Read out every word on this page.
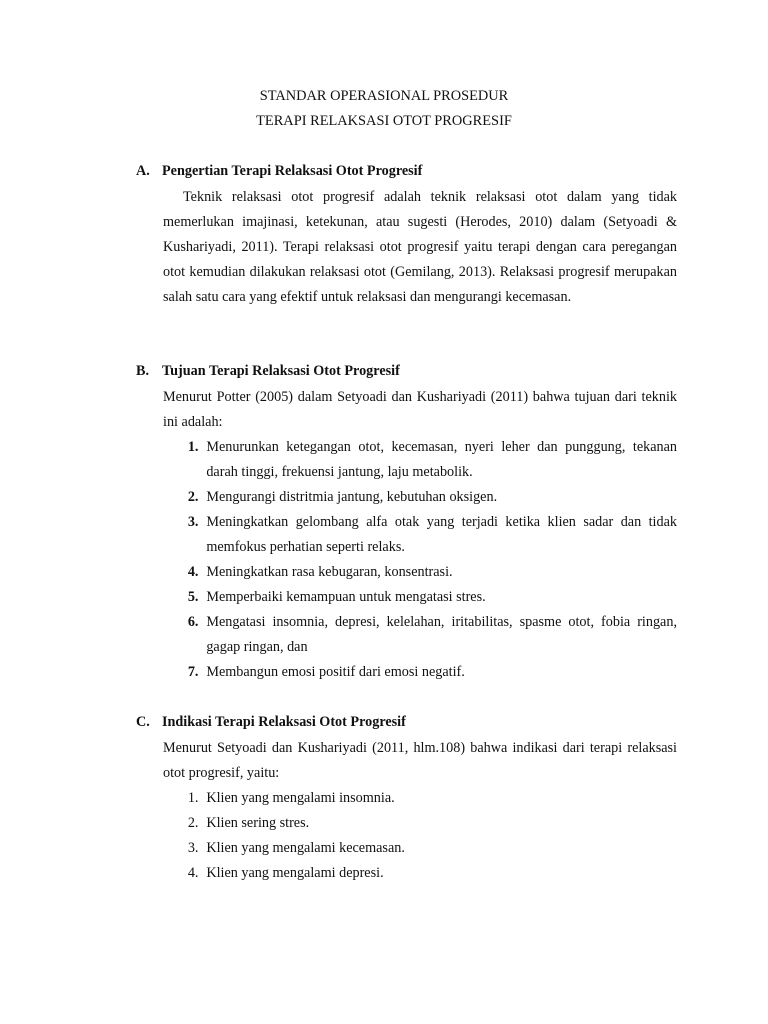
STANDAR OPERASIONAL PROSEDUR
TERAPI RELAKSASI OTOT PROGRESIF
A. Pengertian Terapi Relaksasi Otot Progresif
Teknik relaksasi otot progresif adalah teknik relaksasi otot dalam yang tidak memerlukan imajinasi, ketekunan, atau sugesti (Herodes, 2010) dalam (Setyoadi & Kushariyadi, 2011). Terapi relaksasi otot progresif yaitu terapi dengan cara peregangan otot kemudian dilakukan relaksasi otot (Gemilang, 2013). Relaksasi progresif merupakan salah satu cara yang efektif untuk relaksasi dan mengurangi kecemasan.
B. Tujuan Terapi Relaksasi Otot Progresif
Menurut Potter (2005) dalam Setyoadi dan Kushariyadi (2011) bahwa tujuan dari teknik ini adalah:
1. Menurunkan ketegangan otot, kecemasan, nyeri leher dan punggung, tekanan darah tinggi, frekuensi jantung, laju metabolik.
2. Mengurangi distritmia jantung, kebutuhan oksigen.
3. Meningkatkan gelombang alfa otak yang terjadi ketika klien sadar dan tidak memfokus perhatian seperti relaks.
4. Meningkatkan rasa kebugaran, konsentrasi.
5. Memperbaiki kemampuan untuk mengatasi stres.
6. Mengatasi insomnia, depresi, kelelahan, iritabilitas, spasme otot, fobia ringan, gagap ringan, dan
7. Membangun emosi positif dari emosi negatif.
C. Indikasi Terapi Relaksasi Otot Progresif
Menurut Setyoadi dan Kushariyadi (2011, hlm.108) bahwa indikasi dari terapi relaksasi otot progresif, yaitu:
1. Klien yang mengalami insomnia.
2. Klien sering stres.
3. Klien yang mengalami kecemasan.
4. Klien yang mengalami depresi.
